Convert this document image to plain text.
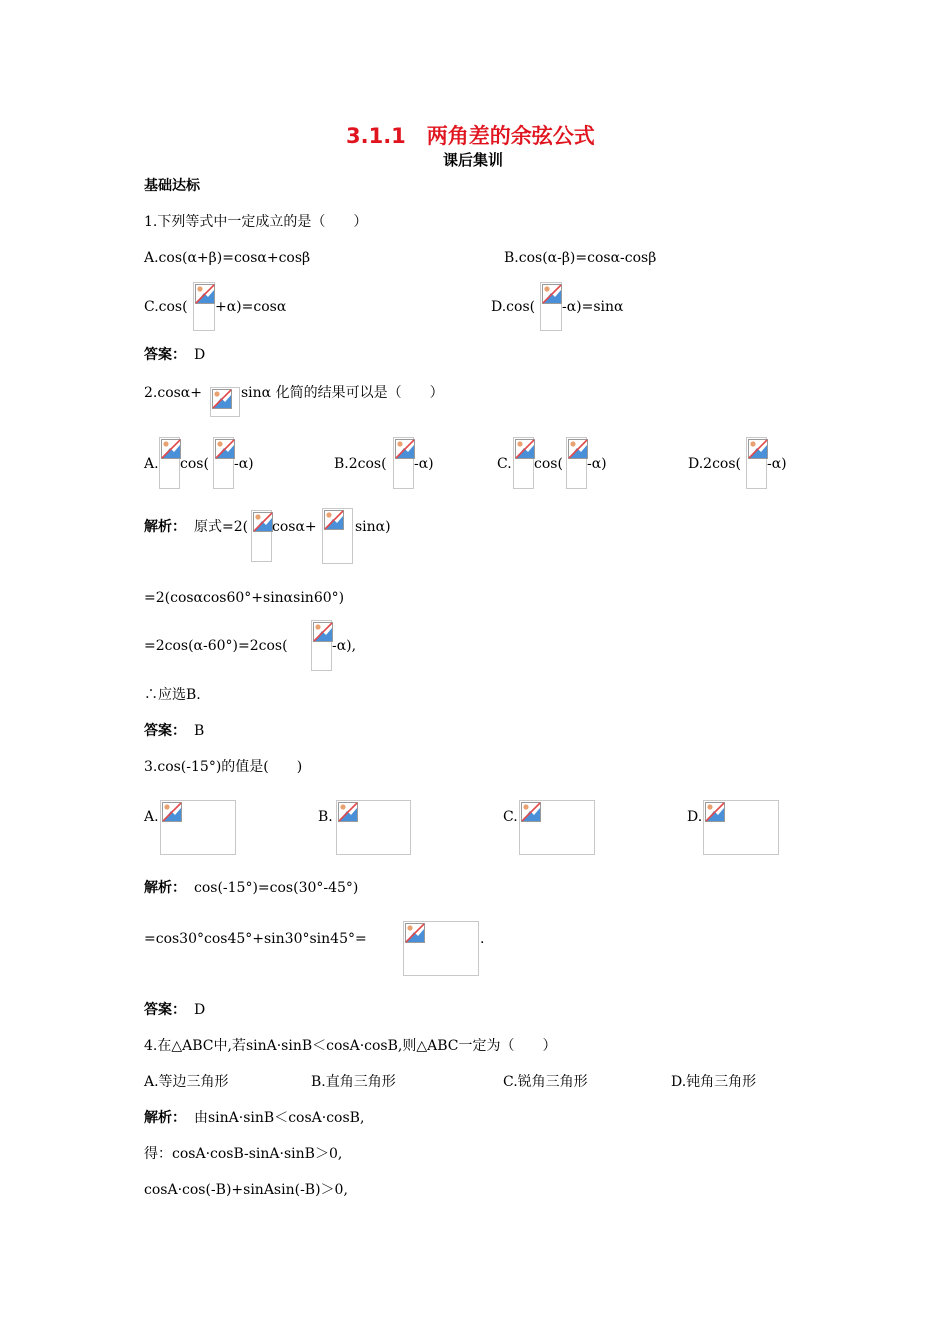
3.1.1　两角差的余弦公式
课后集训
基础达标
1.下列等式中一定成立的是（　　）
A.cos(α+β)=cosα+cosβ	B.cos(α-β)=cosα-cosβ
C.cos( +α)=cosα	D.cos( -α)=sinα
答案： D
2.cosα+	sinα 化简的结果可以是（　　）
A. cos( -α)	B.2cos( -α)	C. cos( -α)	D.2cos( -α)
解析： 原式=2( cosα+	sinα)
=2(cosαcos60°+sinαsin60°)
=2cos(α-60°)=2cos(	-α),
∴应选B.
答案： B
3.cos(-15°)的值是(　　)
A.	B.	C.	D.
解析： cos(-15°)=cos(30°-45°)
=cos30°cos45°+sin30°sin45°=	.
答案： D
4.在△ABC中,若sinA·sinB＜cosA·cosB,则△ABC一定为（　　）
A.等边三角形	B.直角三角形	C.锐角三角形	D.钝角三角形
解析： 由sinA·sinB＜cosA·cosB,
得：cosA·cosB-sinA·sinB＞0,
cosA·cos(-B)+sinAsin(-B)＞0,
